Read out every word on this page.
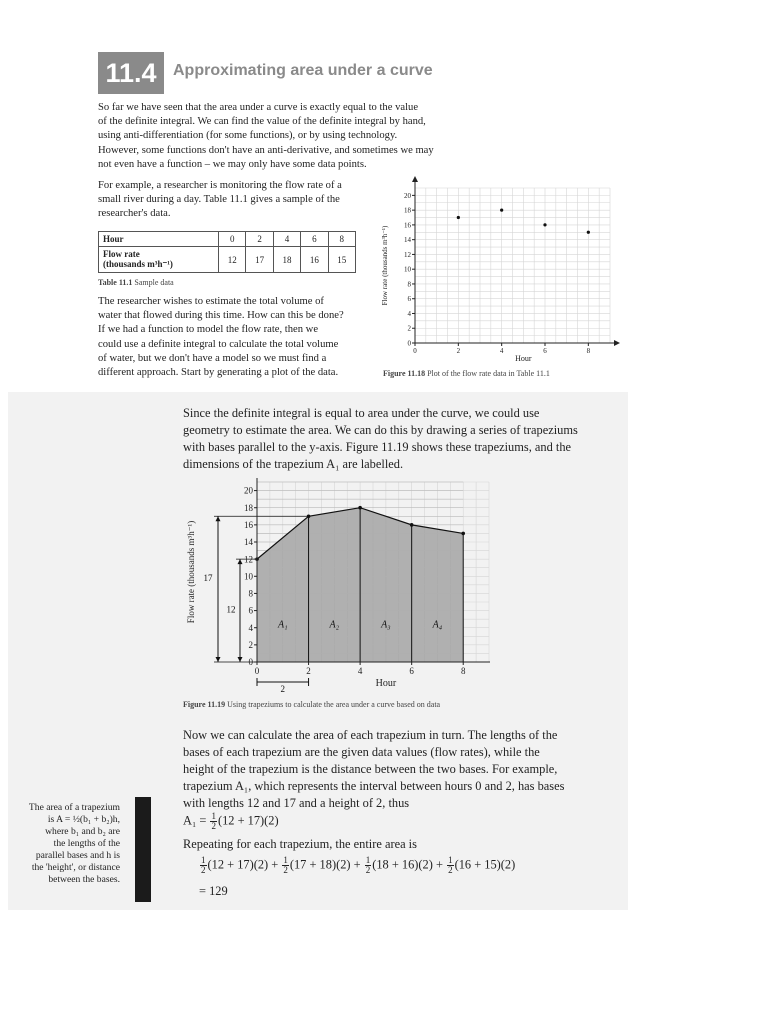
11.4	Approximating area under a curve
So far we have seen that the area under a curve is exactly equal to the value
of the definite integral. We can find the value of the definite integral by hand,
using anti-differentiation (for some functions), or by using technology.
However, some functions don't have an anti-derivative, and sometimes we may
not even have a function – we may only have some data points.
For example, a researcher is monitoring the flow rate of a
small river during a day. Table 11.1 gives a sample of the
researcher's data.
Hour	0	2	4	6	8

Flow rate
(thousands m³h⁻¹)	12	17	18	16	15
Table 11.1 Sample data
The researcher wishes to estimate the total volume of
water that flowed during this time. How can this be done?
If we had a function to model the flow rate, then we
could use a definite integral to calculate the total volume
of water, but we don't have a model so we must find a
different approach. Start by generating a plot of the data.
0
2
4
6
8
10
12
14
16
18
20
0	2	4	6	8
Hour
Flow rate (thousands m³h⁻¹)
Figure 11.18 Plot of the flow rate data in Table 11.1
Since the definite integral is equal to area under the curve, we could use
geometry to estimate the area. We can do this by drawing a series of trapeziums
with bases parallel to the y-axis. Figure 11.19 shows these trapeziums, and the
dimensions of the trapezium A₁ are labelled.
A₁	A₂	A₃	A₄
17
12
2
0
2
4
6
8
10
12
14
16
18
20
0	2	4	6	8
Hour
Flow rate (thousands m³h⁻¹)
Figure 11.19 Using trapeziums to calculate the area under a curve based on data
Now we can calculate the area of each trapezium in turn. The lengths of the
bases of each trapezium are the given data values (flow rates), while the
height of the trapezium is the distance between the two bases. For example,
trapezium A₁, which represents the interval between hours 0 and 2, has bases
with lengths 12 and 17 and a height of 2, thus
$A_1 = \frac{1}{2} (12 + 17)(2)$
Repeating for each trapezium, the entire area is
$\frac{1}{2} (12 + 17)(2) + \frac{1}{2} (17 + 18)(2) + \frac{1}{2} (18 + 16)(2) + \frac{1}{2} (16 + 15)(2)$
= 129
The area of a trapezium
is A = ½(b₁ + b₂)h,
where b₁ and b₂ are
the lengths of the
parallel bases and h is
the 'height', or distance
between the bases.
